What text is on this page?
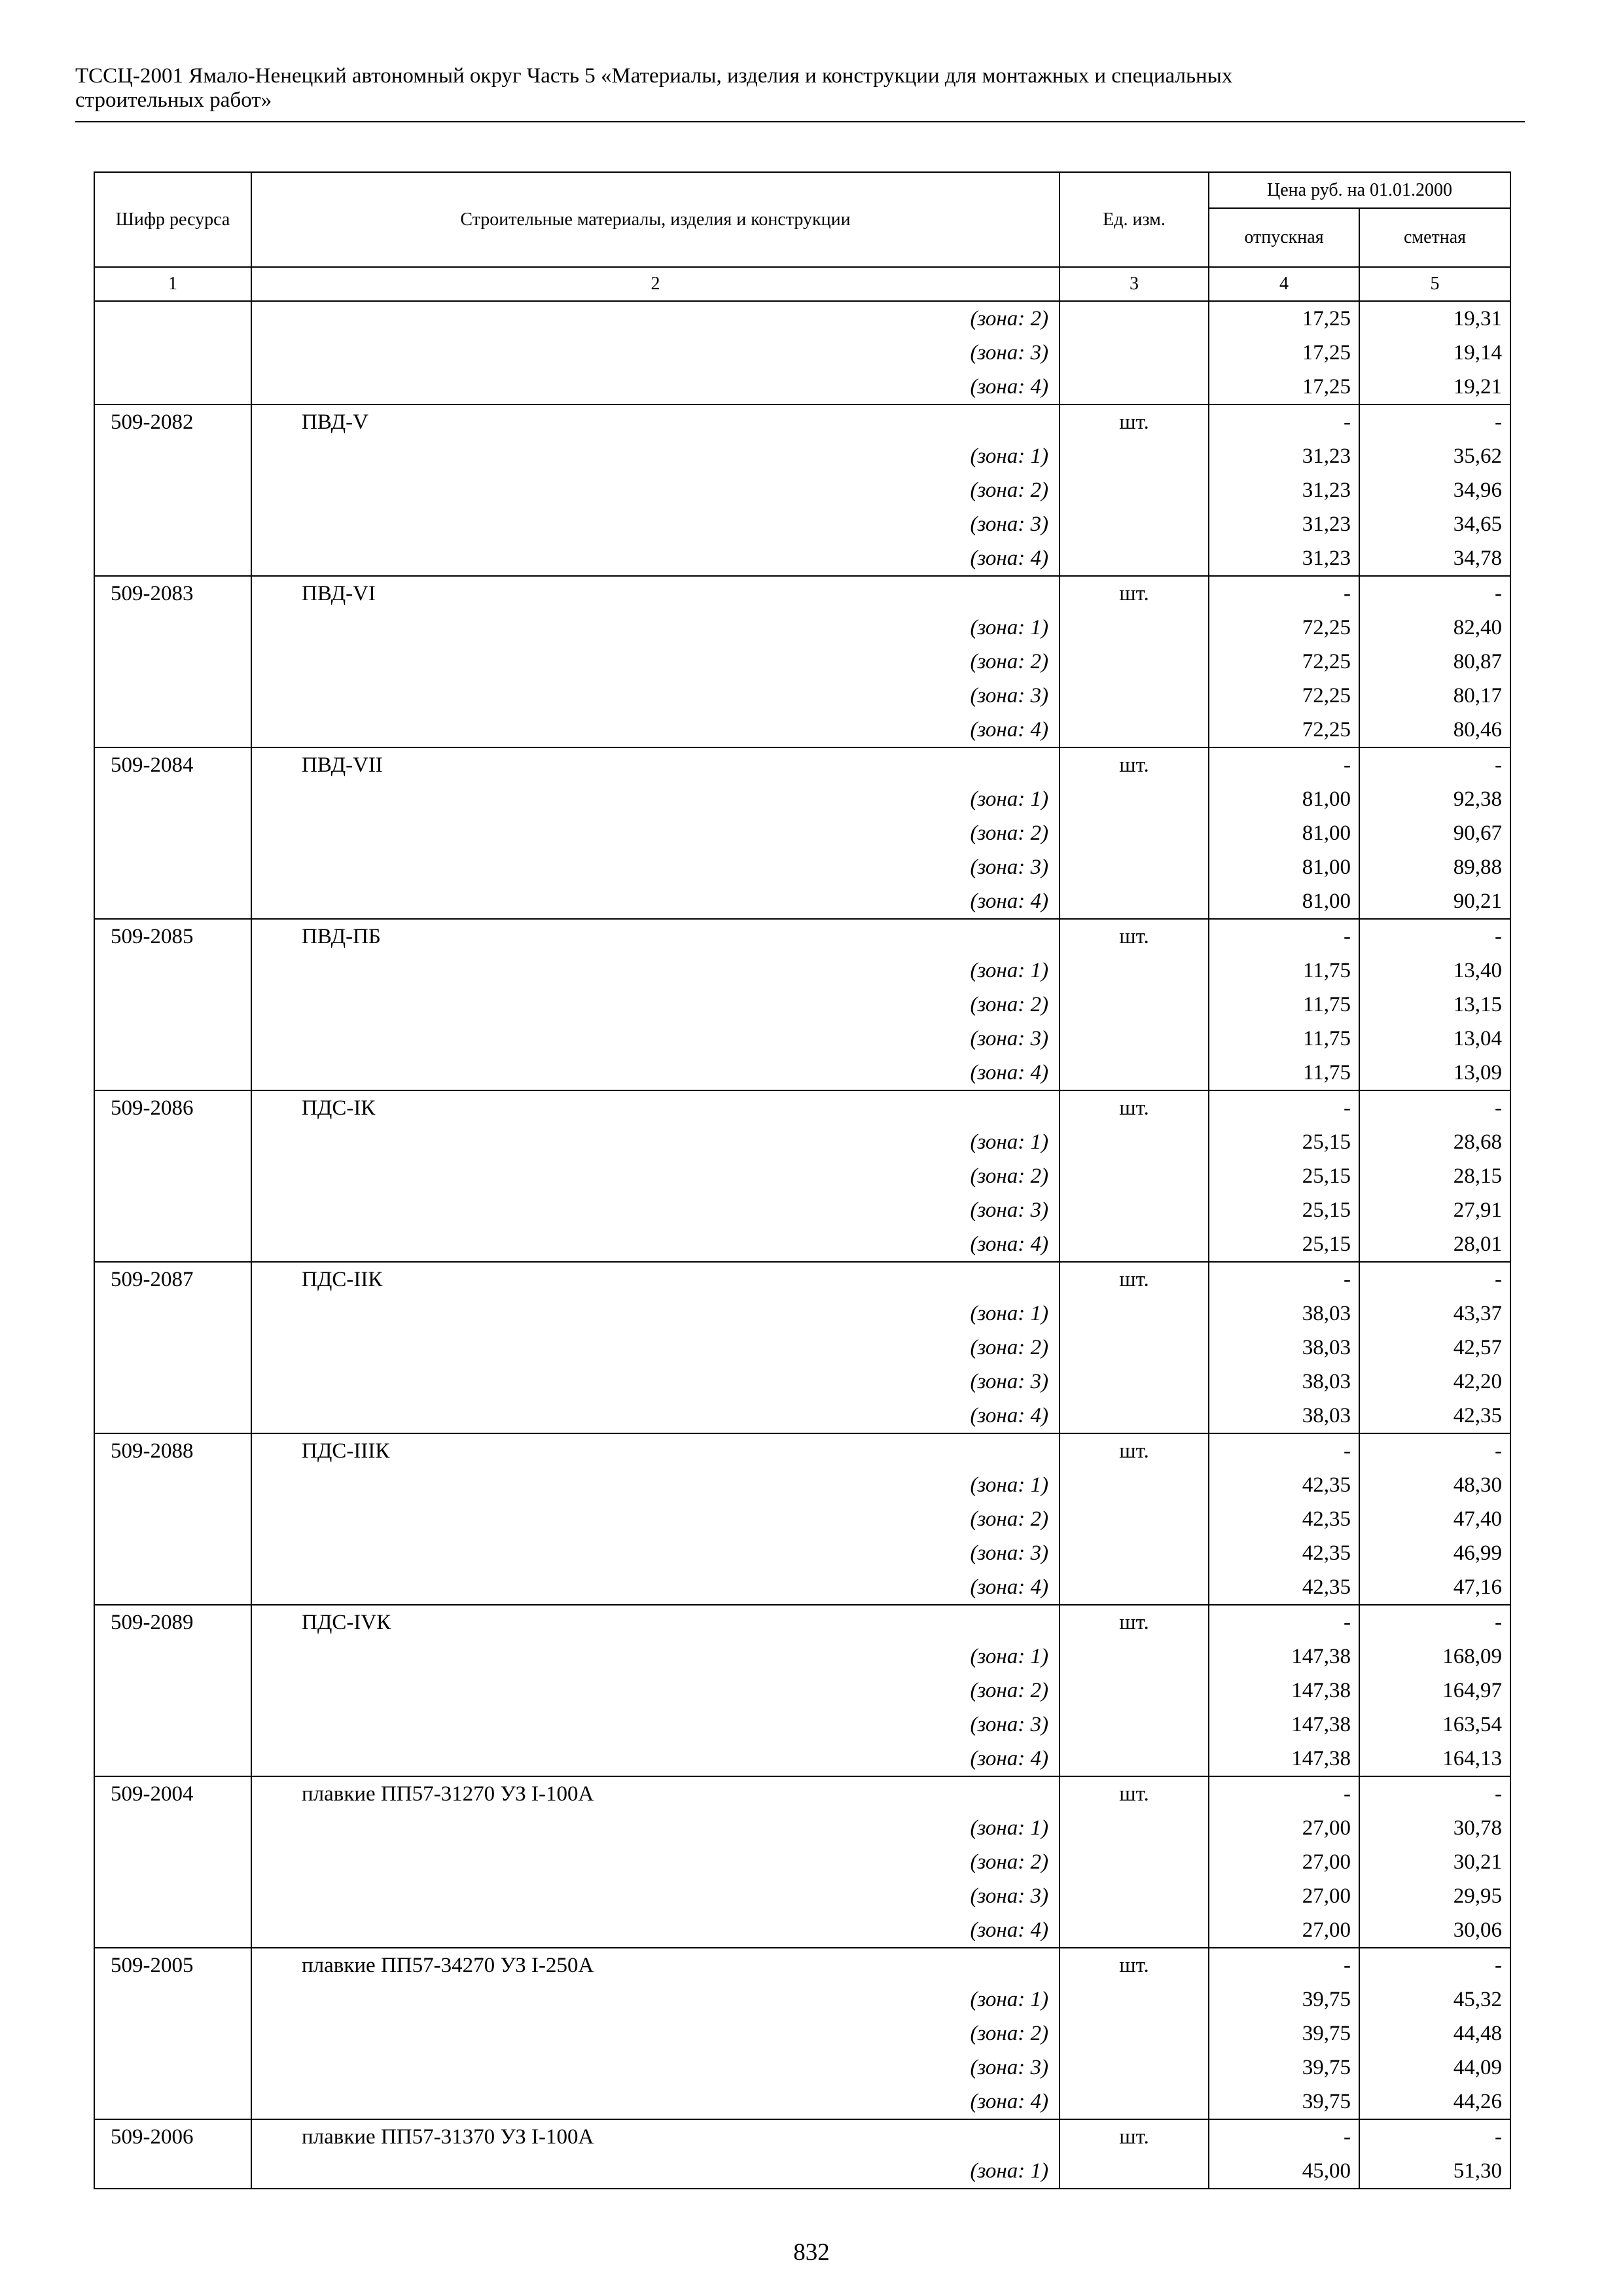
ТССЦ-2001 Ямало-Ненецкий автономный округ Часть 5 «Материалы, изделия и конструкции для монтажных и специальных
строительных работ»
Шифр ресурса	Строительные материалы, изделия и конструкции	Ед. изм.	Цена руб. на 01.01.2000	
			отпускная	сметная
1	2	3	4	5
	(зона: 2)		17,25	19,31
	(зона: 3)		17,25	19,14
	(зона: 4)		17,25	19,21
509-2082	ПВД-V	шт.	-	-
	(зона: 1)		31,23	35,62
	(зона: 2)		31,23	34,96
	(зона: 3)		31,23	34,65
	(зона: 4)		31,23	34,78
509-2083	ПВД-VI	шт.	-	-
	(зона: 1)		72,25	82,40
	(зона: 2)		72,25	80,87
	(зона: 3)		72,25	80,17
	(зона: 4)		72,25	80,46
509-2084	ПВД-VII	шт.	-	-
	(зона: 1)		81,00	92,38
	(зона: 2)		81,00	90,67
	(зона: 3)		81,00	89,88
	(зона: 4)		81,00	90,21
509-2085	ПВД-ПБ	шт.	-	-
	(зона: 1)		11,75	13,40
	(зона: 2)		11,75	13,15
	(зона: 3)		11,75	13,04
	(зона: 4)		11,75	13,09
509-2086	ПДС-IК	шт.	-	-
	(зона: 1)		25,15	28,68
	(зона: 2)		25,15	28,15
	(зона: 3)		25,15	27,91
	(зона: 4)		25,15	28,01
509-2087	ПДС-IIК	шт.	-	-
	(зона: 1)		38,03	43,37
	(зона: 2)		38,03	42,57
	(зона: 3)		38,03	42,20
	(зона: 4)		38,03	42,35
509-2088	ПДС-IIIК	шт.	-	-
	(зона: 1)		42,35	48,30
	(зона: 2)		42,35	47,40
	(зона: 3)		42,35	46,99
	(зона: 4)		42,35	47,16
509-2089	ПДС-IVК	шт.	-	-
	(зона: 1)		147,38	168,09
	(зона: 2)		147,38	164,97
	(зона: 3)		147,38	163,54
	(зона: 4)		147,38	164,13
509-2004	плавкие ПП57-31270 УЗ I-100А	шт.	-	-
	(зона: 1)		27,00	30,78
	(зона: 2)		27,00	30,21
	(зона: 3)		27,00	29,95
	(зона: 4)		27,00	30,06
509-2005	плавкие ПП57-34270 УЗ I-250А	шт.	-	-
	(зона: 1)		39,75	45,32
	(зона: 2)		39,75	44,48
	(зона: 3)		39,75	44,09
	(зона: 4)		39,75	44,26
509-2006	плавкие ПП57-31370 УЗ I-100А	шт.	-	-
	(зона: 1)		45,00	51,30
832
